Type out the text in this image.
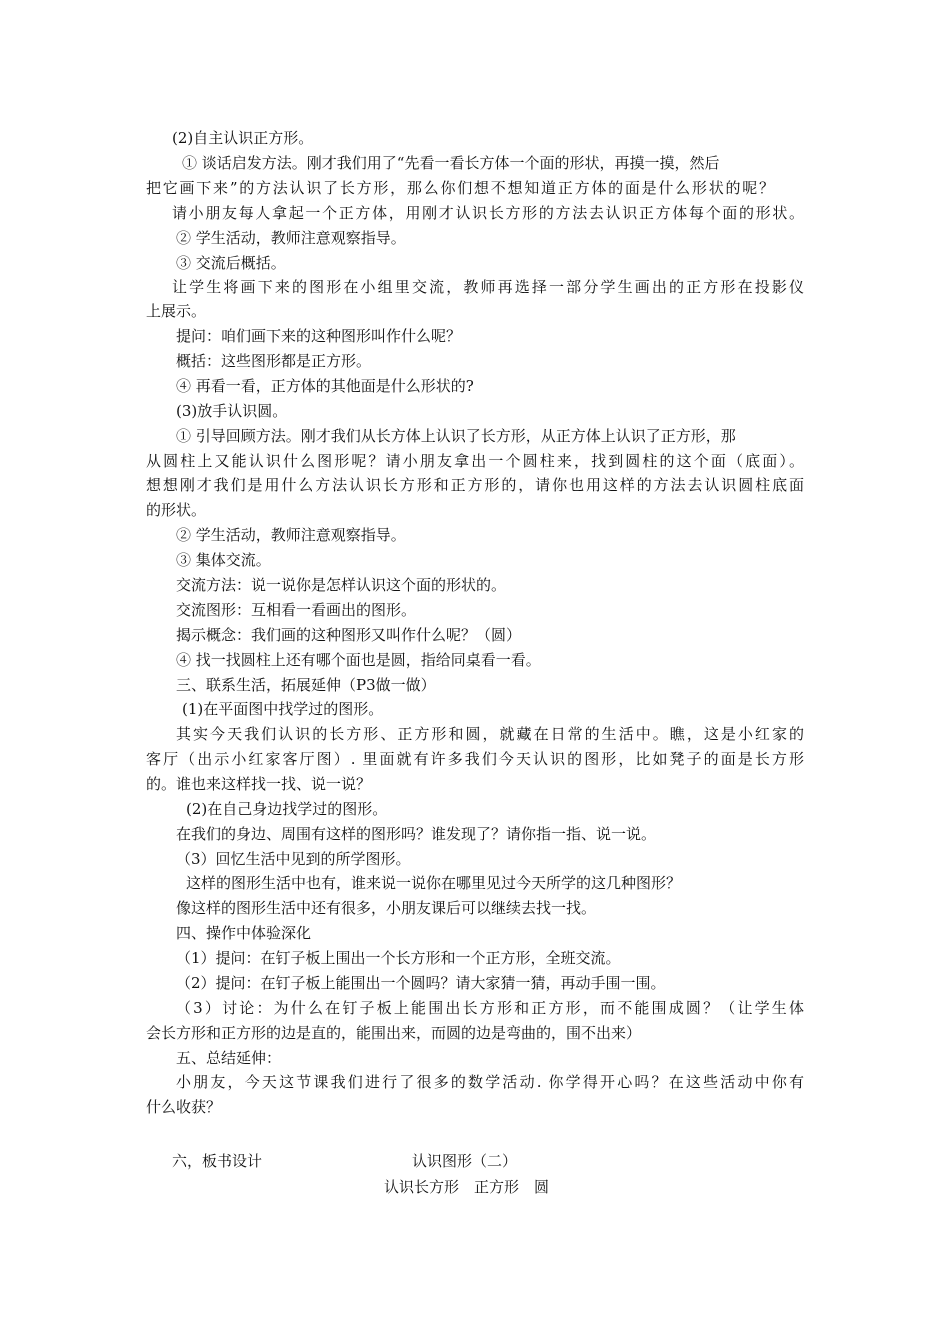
(2)自主认识正方形。
① 谈话启发方法。刚才我们用了“先看一看长方体一个面的形状，再摸一摸，然后
把它画下来”的方法认识了长方形，那么你们想不想知道正方体的面是什么形状的呢？
请小朋友每人拿起一个正方体，用刚才认识长方形的方法去认识正方体每个面的形状。
② 学生活动，教师注意观察指导。
③ 交流后概括。
让学生将画下来的图形在小组里交流，教师再选择一部分学生画出的正方形在投影仪
上展示。
提问：咱们画下来的这种图形叫作什么呢？
概括：这些图形都是正方形。
④ 再看一看，正方体的其他面是什么形状的?
(3)放手认识圆。
① 引导回顾方法。刚才我们从长方体上认识了长方形，从正方体上认识了正方形，那
从圆柱上又能认识什么图形呢？请小朋友拿出一个圆柱来，找到圆柱的这个面（底面）。
想想刚才我们是用什么方法认识长方形和正方形的，请你也用这样的方法去认识圆柱底面
的形状。
② 学生活动，教师注意观察指导。
③ 集体交流。
交流方法：说一说你是怎样认识这个面的形状的。
交流图形：互相看一看画出的图形。
揭示概念：我们画的这种图形又叫作什么呢？（圆）
④ 找一找圆柱上还有哪个面也是圆，指给同桌看一看。
三、联系生活，拓展延伸（P3做一做）
(1)在平面图中找学过的图形。
其实今天我们认识的长方形、正方形和圆，就藏在日常的生活中。瞧，这是小红家的
客厅（出示小红家客厅图）. 里面就有许多我们今天认识的图形，比如凳子的面是长方形
的。谁也来这样找一找、说一说？
(2)在自己身边找学过的图形。
在我们的身边、周围有这样的图形吗？谁发现了？请你指一指、说一说。
（3）回忆生活中见到的所学图形。
这样的图形生活中也有，谁来说一说你在哪里见过今天所学的这几种图形？
像这样的图形生活中还有很多，小朋友课后可以继续去找一找。
四、操作中体验深化
（1）提问：在钉子板上围出一个长方形和一个正方形，全班交流。
（2）提问：在钉子板上能围出一个圆吗？请大家猜一猜，再动手围一围。
（3）讨论：为什么在钉子板上能围出长方形和正方形，而不能围成圆？（让学生体
会长方形和正方形的边是直的，能围出来，而圆的边是弯曲的，围不出来）
五、总结延伸：
小朋友，今天这节课我们进行了很多的数学活动. 你学得开心吗？在这些活动中你有
什么收获？
六，板书设计	认识图形（二）
认识长方形　正方形　圆
